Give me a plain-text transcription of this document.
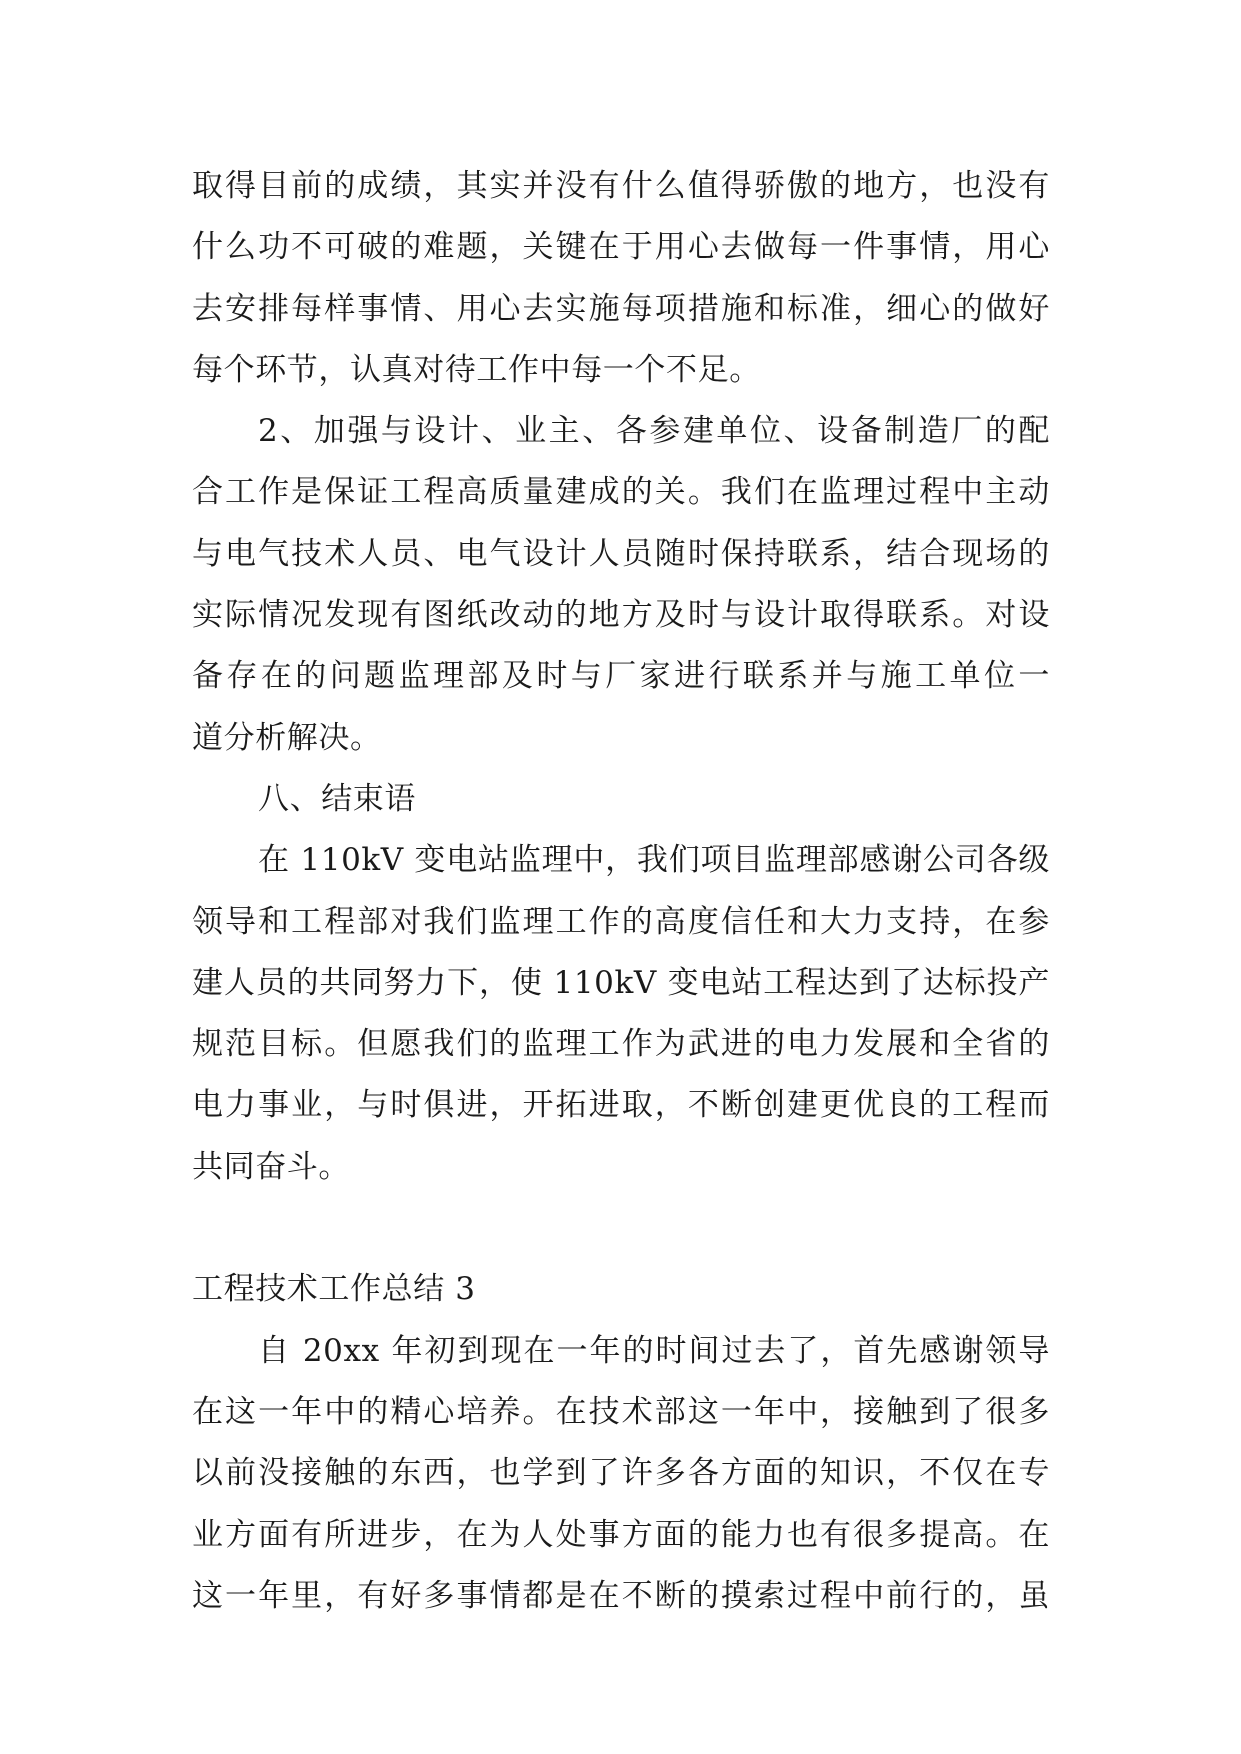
取得目前的成绩，其实并没有什么值得骄傲的地方，也没有
什么功不可破的难题，关键在于用心去做每一件事情，用心
去安排每样事情、用心去实施每项措施和标准，细心的做好
每个环节，认真对待工作中每一个不足。
2、加强与设计、业主、各参建单位、设备制造厂的配
合工作是保证工程高质量建成的关。我们在监理过程中主动
与电气技术人员、电气设计人员随时保持联系，结合现场的
实际情况发现有图纸改动的地方及时与设计取得联系。对设
备存在的问题监理部及时与厂家进行联系并与施工单位一
道分析解决。
八、结束语
在 110kV 变电站监理中，我们项目监理部感谢公司各级
领导和工程部对我们监理工作的高度信任和大力支持，在参
建人员的共同努力下，使 110kV 变电站工程达到了达标投产
规范目标。但愿我们的监理工作为武进的电力发展和全省的
电力事业，与时俱进，开拓进取，不断创建更优良的工程而
共同奋斗。
工程技术工作总结 3
自 20xx 年初到现在一年的时间过去了，首先感谢领导
在这一年中的精心培养。在技术部这一年中，接触到了很多
以前没接触的东西，也学到了许多各方面的知识，不仅在专
业方面有所进步，在为人处事方面的能力也有很多提高。在
这一年里，有好多事情都是在不断的摸索过程中前行的，虽
